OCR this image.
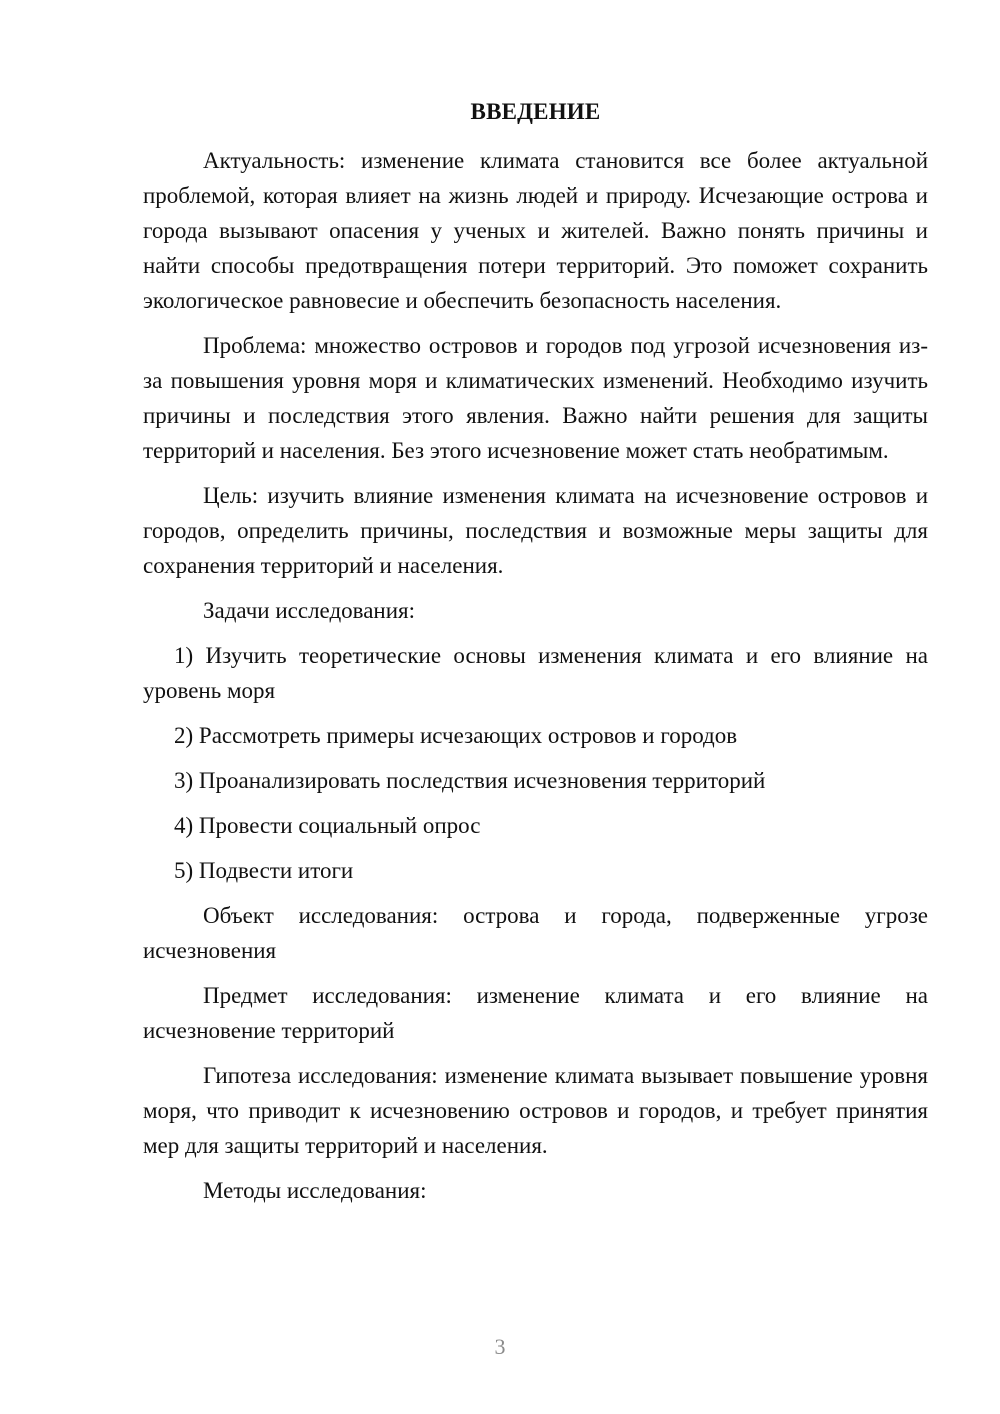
ВВЕДЕНИЕ

Актуальность: изменение климата становится все более актуальной проблемой, которая влияет на жизнь людей и природу. Исчезающие острова и города вызывают опасения у ученых и жителей. Важно понять причины и найти способы предотвращения потери территорий. Это поможет сохранить экологическое равновесие и обеспечить безопасность населения.

Проблема: множество островов и городов под угрозой исчезновения из-за повышения уровня моря и климатических изменений. Необходимо изучить причины и последствия этого явления. Важно найти решения для защиты территорий и населения. Без этого исчезновение может стать необратимым.

Цель: изучить влияние изменения климата на исчезновение островов и городов, определить причины, последствия и возможные меры защиты для сохранения территорий и населения.

Задачи исследования:

1) Изучить теоретические основы изменения климата и его влияние на уровень моря

2) Рассмотреть примеры исчезающих островов и городов

3) Проанализировать последствия исчезновения территорий

4) Провести социальный опрос

5) Подвести итоги

Объект исследования: острова и города, подверженные угрозе исчезновения

Предмет исследования: изменение климата и его влияние на исчезновение территорий

Гипотеза исследования: изменение климата вызывает повышение уровня моря, что приводит к исчезновению островов и городов, и требует принятия мер для защиты территорий и населения.

Методы исследования:

3
